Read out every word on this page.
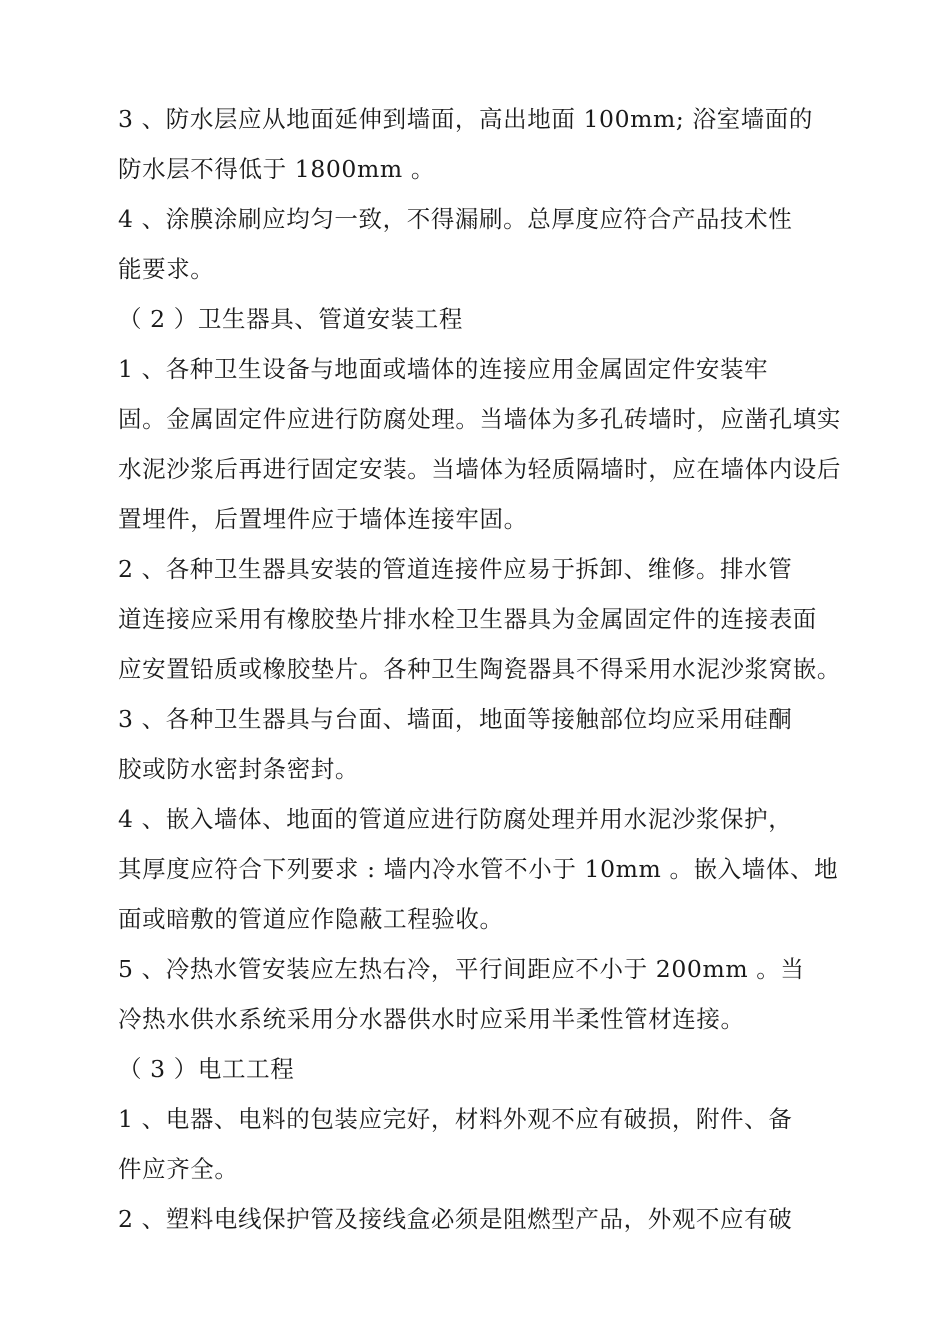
3 、防水层应从地面延伸到墙面，高出地面 100mm; 浴室墙面的
防水层不得低于 1800mm 。
4 、涂膜涂刷应均匀一致，不得漏刷。总厚度应符合产品技术性
能要求。
（ 2 ）卫生器具、管道安装工程
1 、各种卫生设备与地面或墙体的连接应用金属固定件安装牢
固。金属固定件应进行防腐处理。当墙体为多孔砖墙时，应凿孔填实
水泥沙浆后再进行固定安装。当墙体为轻质隔墙时，应在墙体内设后
置埋件，后置埋件应于墙体连接牢固。
2 、各种卫生器具安装的管道连接件应易于拆卸、维修。排水管
道连接应采用有橡胶垫片排水栓卫生器具为金属固定件的连接表面
应安置铅质或橡胶垫片。各种卫生陶瓷器具不得采用水泥沙浆窝嵌。
3 、各种卫生器具与台面、墙面，地面等接触部位均应采用硅酮
胶或防水密封条密封。
4 、嵌入墙体、地面的管道应进行防腐处理并用水泥沙浆保护，
其厚度应符合下列要求 : 墙内冷水管不小于 10mm 。嵌入墙体、地
面或暗敷的管道应作隐蔽工程验收。
5 、冷热水管安装应左热右冷，平行间距应不小于 200mm 。当
冷热水供水系统采用分水器供水时应采用半柔性管材连接。
（ 3 ）电工工程
1 、电器、电料的包装应完好，材料外观不应有破损，附件、备
件应齐全。
2 、塑料电线保护管及接线盒必须是阻燃型产品，外观不应有破
